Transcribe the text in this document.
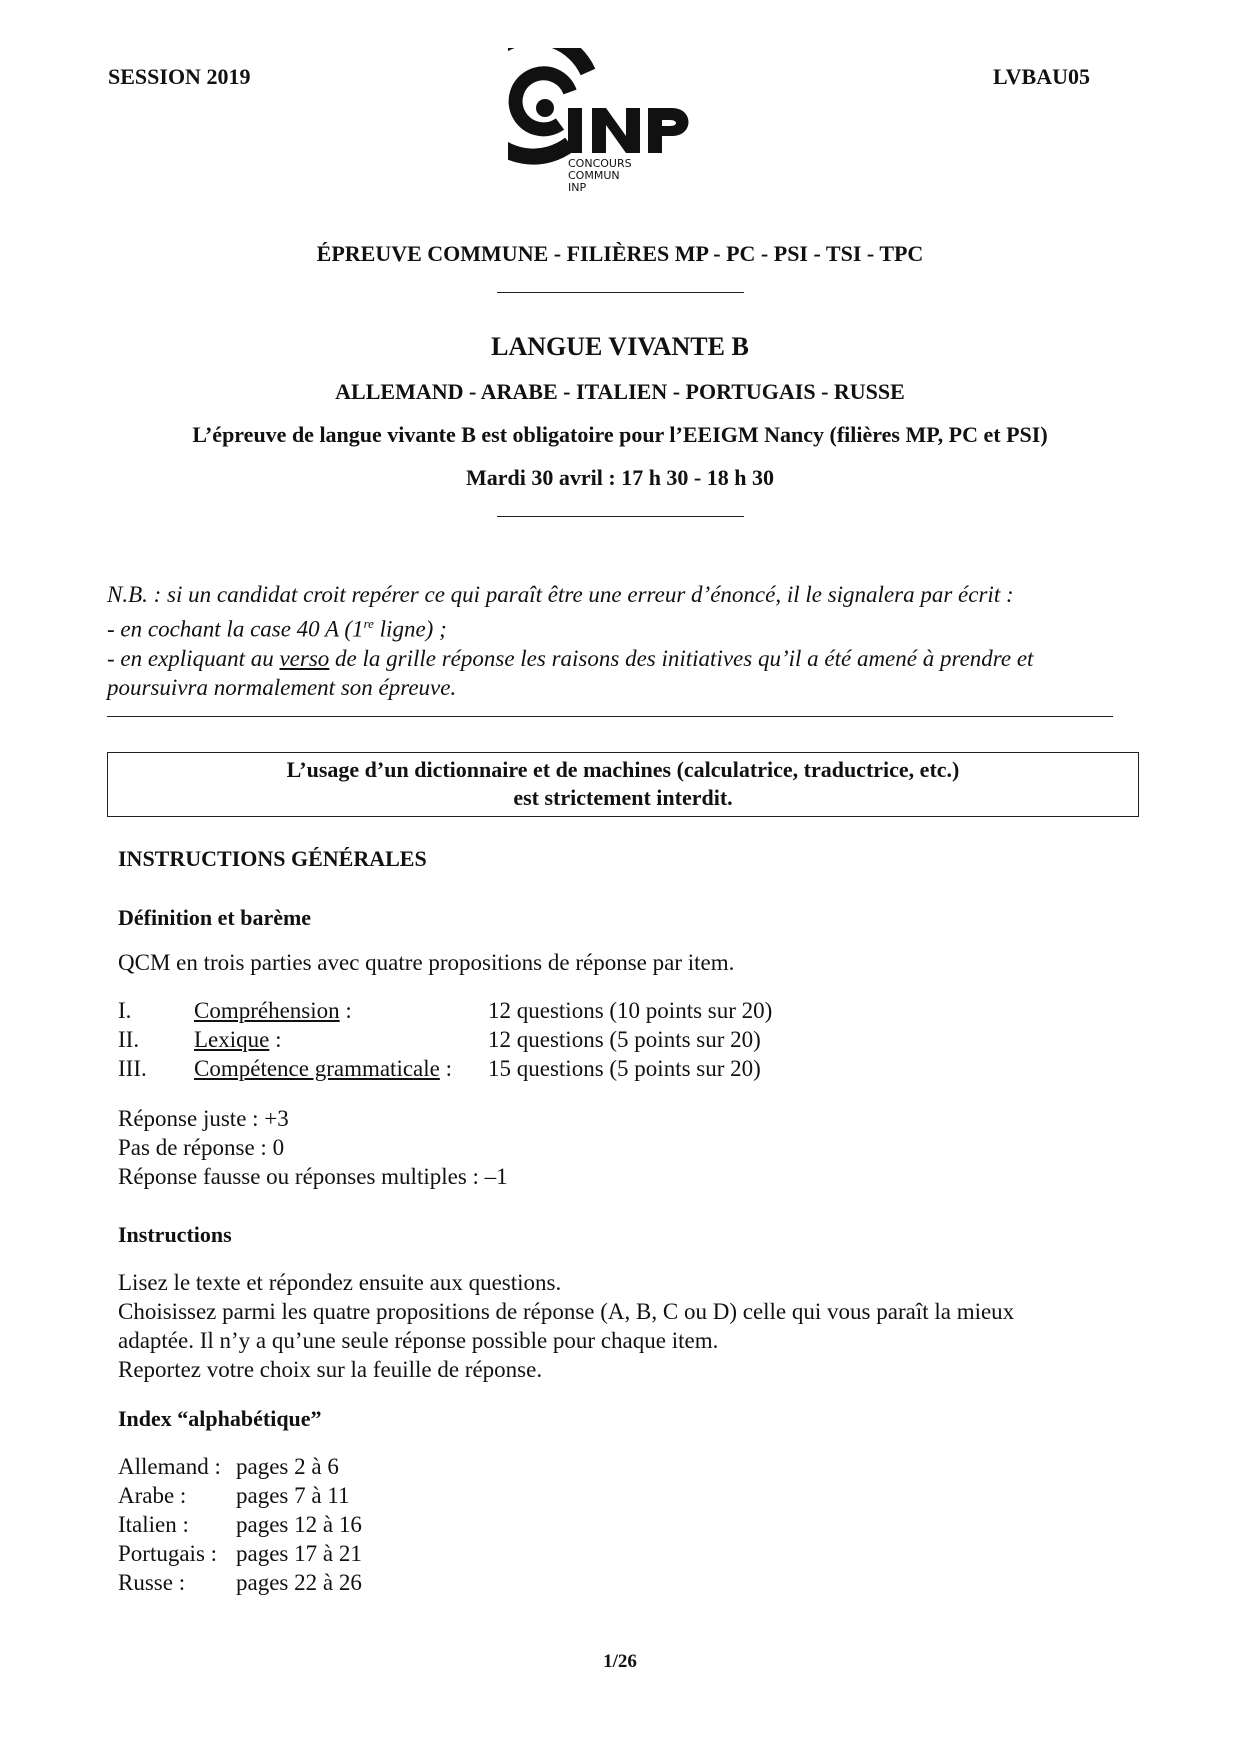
SESSION 2019	LVBAU05
CONCOURS
COMMUN
INP
ÉPREUVE COMMUNE - FILIÈRES MP - PC - PSI - TSI - TPC
LANGUE VIVANTE B
ALLEMAND - ARABE - ITALIEN - PORTUGAIS - RUSSE
L’épreuve de langue vivante B est obligatoire pour l’EEIGM Nancy (filières MP, PC et PSI)
Mardi 30 avril : 17 h 30 - 18 h 30
N.B. : si un candidat croit repérer ce qui paraît être une erreur d’énoncé, il le signalera par écrit :
- en cochant la case 40 A (1re ligne) ;
- en expliquant au verso de la grille réponse les raisons des initiatives qu’il a été amené à prendre et
poursuivra normalement son épreuve.
L’usage d’un dictionnaire et de machines (calculatrice, traductrice, etc.)
est strictement interdit.
INSTRUCTIONS GÉNÉRALES
Définition et barème
QCM en trois parties avec quatre propositions de réponse par item.
I.	Compréhension :	12 questions (10 points sur 20)
II. Lexique :	12 questions (5 points sur 20)
III. Compétence grammaticale : 15 questions (5 points sur 20)
Réponse juste : +3
Pas de réponse : 0
Réponse fausse ou réponses multiples : –1
Instructions
Lisez le texte et répondez ensuite aux questions.
Choisissez parmi les quatre propositions de réponse (A, B, C ou D) celle qui vous paraît la mieux
adaptée. Il n’y a qu’une seule réponse possible pour chaque item.
Reportez votre choix sur la feuille de réponse.
Index “alphabétique”
Allemand : pages 2 à 6
Arabe : pages 7 à 11
Italien : pages 12 à 16
Portugais : pages 17 à 21
Russe : pages 22 à 26
1/26
